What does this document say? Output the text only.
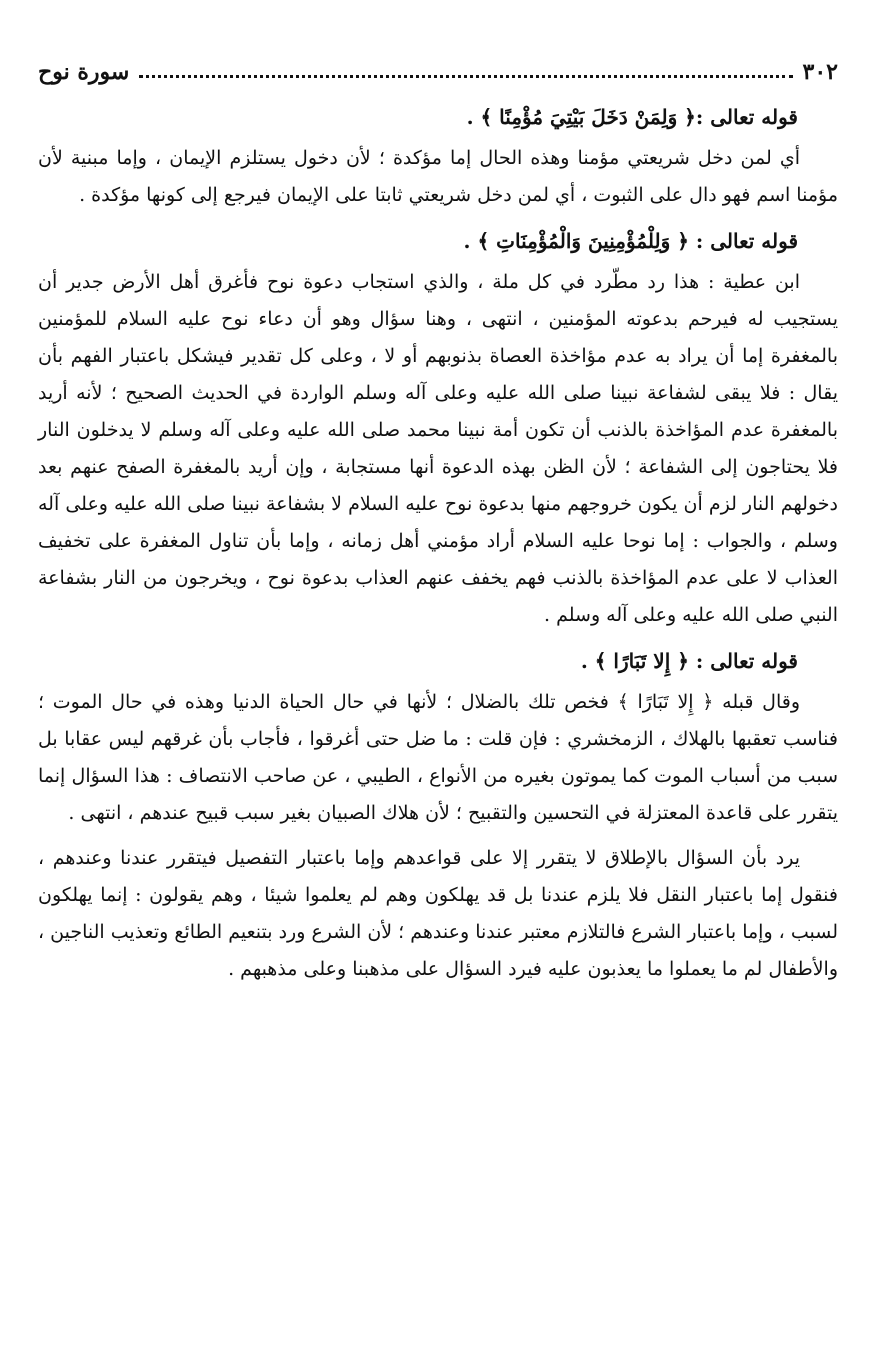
٣٠٢
سورة نوح

قوله تعالى :﴿ وَلِمَنْ دَخَلَ بَيْتِيَ مُؤْمِنًا ﴾ .

أي لمن دخل شريعتي مؤمنا وهذه الحال إما مؤكدة ؛ لأن دخول يستلزم الإيمان ، وإما مبنية لأن مؤمنا اسم فهو دال على الثبوت ، أي لمن دخل شريعتي ثابتا على الإيمان فيرجع إلى كونها مؤكدة .

قوله تعالى : ﴿ وَلِلْمُؤْمِنِينَ وَالْمُؤْمِنَاتِ ﴾ .

ابن عطية : هذا رد مطّرد في كل ملة ، والذي استجاب دعوة نوح فأغرق أهل الأرض جدير أن يستجيب له فيرحم بدعوته المؤمنين ، انتهى ، وهنا سؤال وهو أن دعاء نوح عليه السلام للمؤمنين بالمغفرة إما أن يراد به عدم مؤاخذة العصاة بذنوبهم أو لا ، وعلى كل تقدير فيشكل باعتبار الفهم بأن يقال : فلا يبقى لشفاعة نبينا صلى الله عليه وعلى آله وسلم الواردة في الحديث الصحيح ؛ لأنه أريد بالمغفرة عدم المؤاخذة بالذنب أن تكون أمة نبينا محمد صلى الله عليه وعلى آله وسلم لا يدخلون النار فلا يحتاجون إلى الشفاعة ؛ لأن الظن بهذه الدعوة أنها مستجابة ، وإن أريد بالمغفرة الصفح عنهم بعد دخولهم النار لزم أن يكون خروجهم منها بدعوة نوح عليه السلام لا بشفاعة نبينا صلى الله عليه وعلى آله وسلم ، والجواب : إما نوحا عليه السلام أراد مؤمني أهل زمانه ، وإما بأن تناول المغفرة على تخفيف العذاب لا على عدم المؤاخذة بالذنب فهم يخفف عنهم العذاب بدعوة نوح ، ويخرجون من النار بشفاعة النبي صلى الله عليه وعلى آله وسلم .

قوله تعالى : ﴿ إِلا تَبَارًا ﴾ .

وقال قبله ﴿ إِلا تَبَارًا ﴾ فخص تلك بالضلال ؛ لأنها في حال الحياة الدنيا وهذه في حال الموت ؛ فناسب تعقبها بالهلاك ، الزمخشري : فإن قلت : ما ضل حتى أغرقوا ، فأجاب بأن غرقهم ليس عقابا بل سبب من أسباب الموت كما يموتون بغيره من الأنواع ، الطيبي ، عن صاحب الانتصاف : هذا السؤال إنما يتقرر على قاعدة المعتزلة في التحسين والتقبيح ؛ لأن هلاك الصبيان بغير سبب قبيح عندهم ، انتهى .

يرد بأن السؤال بالإطلاق لا يتقرر إلا على قواعدهم وإما باعتبار التفصيل فيتقرر عندنا وعندهم ، فنقول إما باعتبار النقل فلا يلزم عندنا بل قد يهلكون وهم لم يعلموا شيئا ، وهم يقولون : إنما يهلكون لسبب ، وإما باعتبار الشرع فالتلازم معتبر عندنا وعندهم ؛ لأن الشرع ورد بتنعيم الطائع وتعذيب الناجين ، والأطفال لم ما يعملوا ما يعذبون عليه فيرد السؤال على مذهبنا وعلى مذهبهم .
